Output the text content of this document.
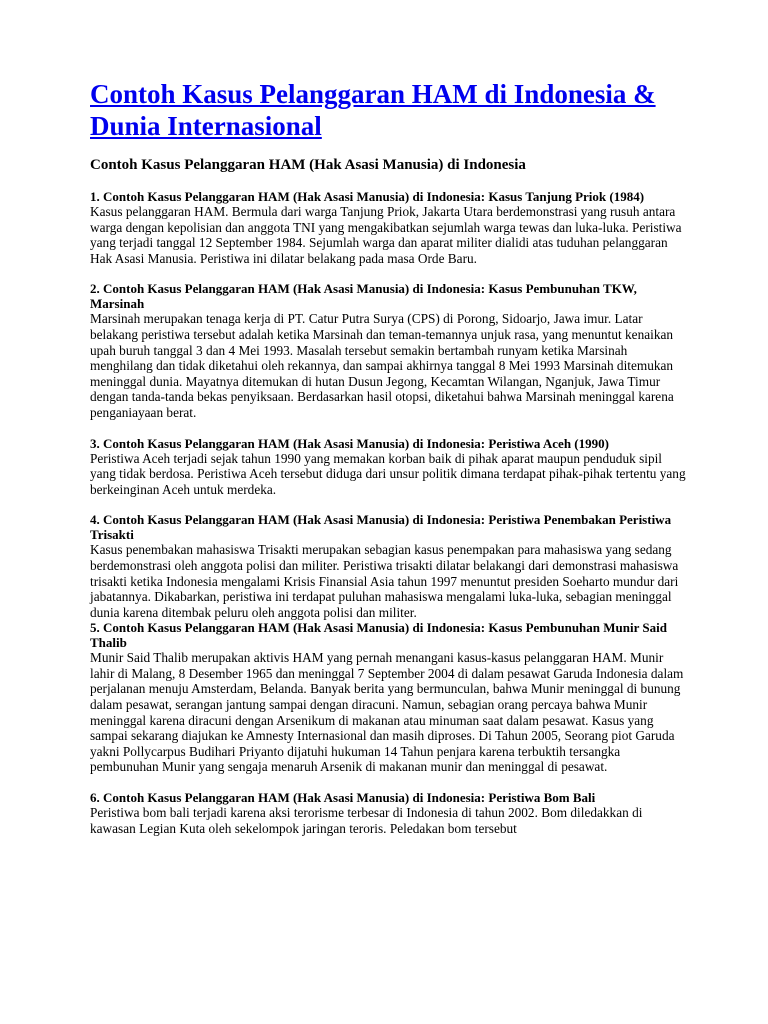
Contoh Kasus Pelanggaran HAM di Indonesia & Dunia Internasional
Contoh Kasus Pelanggaran HAM (Hak Asasi Manusia) di Indonesia
1. Contoh Kasus Pelanggaran HAM (Hak Asasi Manusia) di Indonesia: Kasus Tanjung Priok (1984)

Kasus pelanggaran HAM. Bermula dari warga Tanjung Priok, Jakarta Utara berdemonstrasi yang rusuh antara warga dengan kepolisian dan anggota TNI yang mengakibatkan sejumlah warga tewas dan luka-luka. Peristiwa yang terjadi tanggal 12 September 1984. Sejumlah warga dan aparat militer dialidi atas tuduhan pelanggaran Hak Asasi Manusia. Peristiwa ini dilatar belakang pada masa Orde Baru.

2. Contoh Kasus Pelanggaran HAM (Hak Asasi Manusia) di Indonesia: Kasus Pembunuhan TKW, Marsinah

Marsinah merupakan tenaga kerja di PT. Catur Putra Surya (CPS) di Porong, Sidoarjo, Jawa imur. Latar belakang peristiwa tersebut adalah ketika Marsinah dan teman-temannya unjuk rasa, yang menuntut kenaikan upah buruh tanggal 3 dan 4 Mei 1993. Masalah tersebut semakin bertambah runyam ketika Marsinah menghilang dan tidak diketahui oleh rekannya, dan sampai akhirnya tanggal 8 Mei 1993 Marsinah ditemukan meninggal dunia. Mayatnya ditemukan di hutan Dusun Jegong, Kecamtan Wilangan, Nganjuk, Jawa Timur dengan tanda-tanda bekas penyiksaan. Berdasarkan hasil otopsi, diketahui bahwa Marsinah meninggal karena penganiayaan berat.

3. Contoh Kasus Pelanggaran HAM (Hak Asasi Manusia) di Indonesia: Peristiwa Aceh (1990)

Peristiwa Aceh terjadi sejak tahun 1990 yang memakan korban baik di pihak aparat maupun penduduk sipil yang tidak berdosa. Peristiwa Aceh tersebut diduga dari unsur politik dimana terdapat pihak-pihak tertentu yang berkeinginan Aceh untuk merdeka.

4. Contoh Kasus Pelanggaran HAM (Hak Asasi Manusia) di Indonesia: Peristiwa Penembakan Peristiwa Trisakti

Kasus penembakan mahasiswa Trisakti merupakan sebagian kasus penempakan para mahasiswa yang sedang berdemonstrasi oleh anggota polisi dan militer. Peristiwa trisakti dilatar belakangi dari demonstrasi mahasiswa trisakti ketika Indonesia mengalami Krisis Finansial Asia tahun 1997 menuntut presiden Soeharto mundur dari jabatannya. Dikabarkan, peristiwa ini terdapat puluhan mahasiswa mengalami luka-luka, sebagian meninggal dunia karena ditembak peluru oleh anggota polisi dan militer.

5. Contoh Kasus Pelanggaran HAM (Hak Asasi Manusia) di Indonesia: Kasus Pembunuhan Munir Said Thalib

Munir Said Thalib merupakan aktivis HAM yang pernah menangani kasus-kasus pelanggaran HAM. Munir lahir di Malang, 8 Desember 1965 dan meninggal 7 September 2004 di dalam pesawat Garuda Indonesia dalam perjalanan menuju Amsterdam, Belanda. Banyak berita yang bermunculan, bahwa Munir meninggal di bunung dalam pesawat, serangan jantung sampai dengan diracuni. Namun, sebagian orang percaya bahwa Munir meninggal karena diracuni dengan Arsenikum di makanan atau minuman saat dalam pesawat. Kasus yang sampai sekarang diajukan ke Amnesty Internasional dan masih diproses. Di Tahun 2005, Seorang piot Garuda yakni Pollycarpus Budihari Priyanto dijatuhi hukuman 14 Tahun penjara karena terbuktih tersangka pembunuhan Munir yang sengaja menaruh Arsenik di makanan munir dan meninggal di pesawat.

6. Contoh Kasus Pelanggaran HAM (Hak Asasi Manusia) di Indonesia: Peristiwa Bom Bali

Peristiwa bom bali terjadi karena aksi terorisme terbesar di Indonesia di tahun 2002. Bom diledakkan di kawasan Legian Kuta oleh sekelompok jaringan teroris. Peledakan bom tersebut
